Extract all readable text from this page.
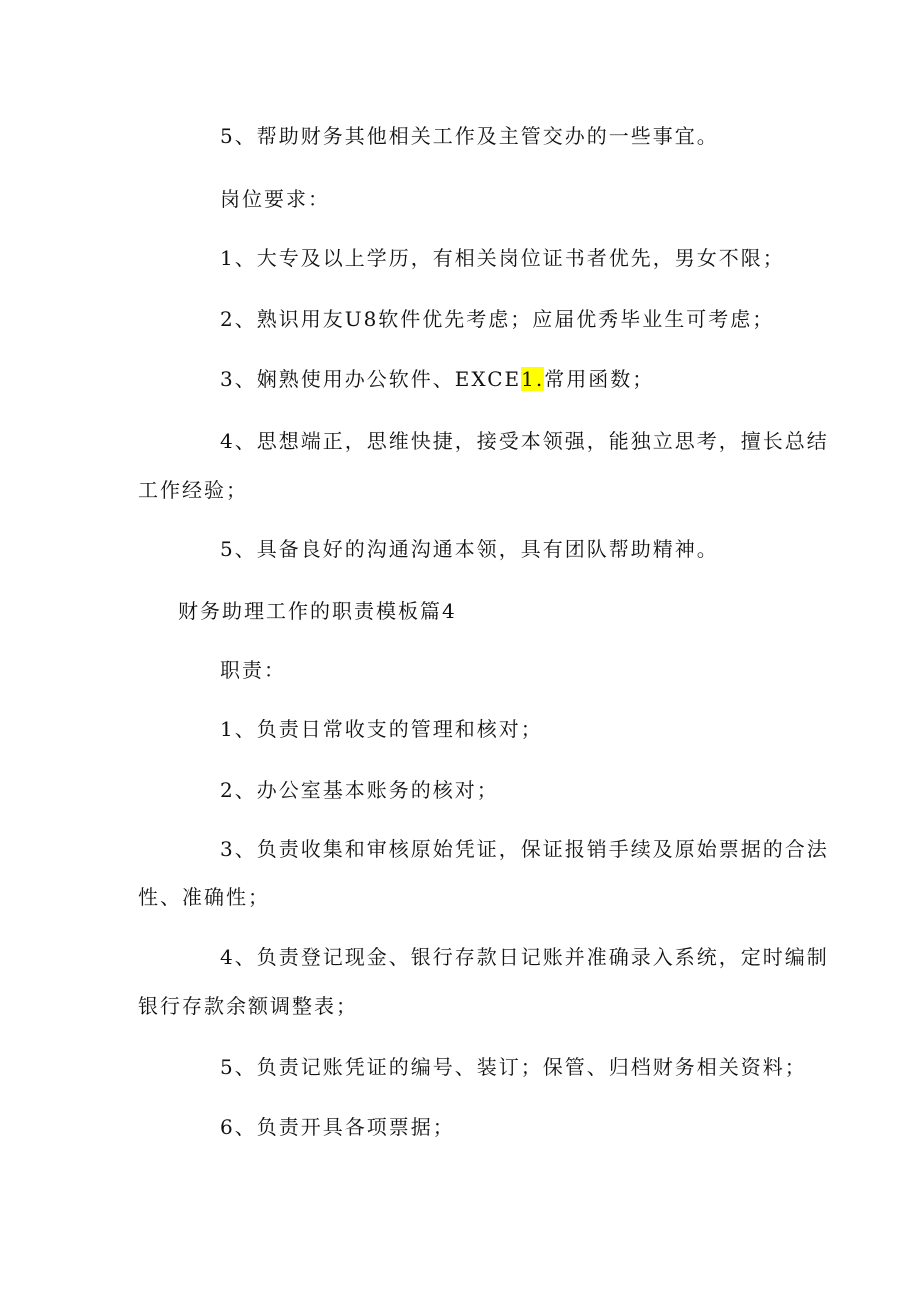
5、帮助财务其他相关工作及主管交办的一些事宜。
岗位要求：
1、大专及以上学历，有相关岗位证书者优先，男女不限；
2、熟识用友U8软件优先考虑；应届优秀毕业生可考虑；
3、娴熟使用办公软件、EXCE1.常用函数；
4、思想端正，思维快捷，接受本领强，能独立思考，擅长总结
工作经验；
5、具备良好的沟通沟通本领，具有团队帮助精神。
财务助理工作的职责模板篇4
职责：
1、负责日常收支的管理和核对；
2、办公室基本账务的核对；
3、负责收集和审核原始凭证，保证报销手续及原始票据的合法
性、准确性；
4、负责登记现金、银行存款日记账并准确录入系统，定时编制
银行存款余额调整表；
5、负责记账凭证的编号、装订；保管、归档财务相关资料；
6、负责开具各项票据；
